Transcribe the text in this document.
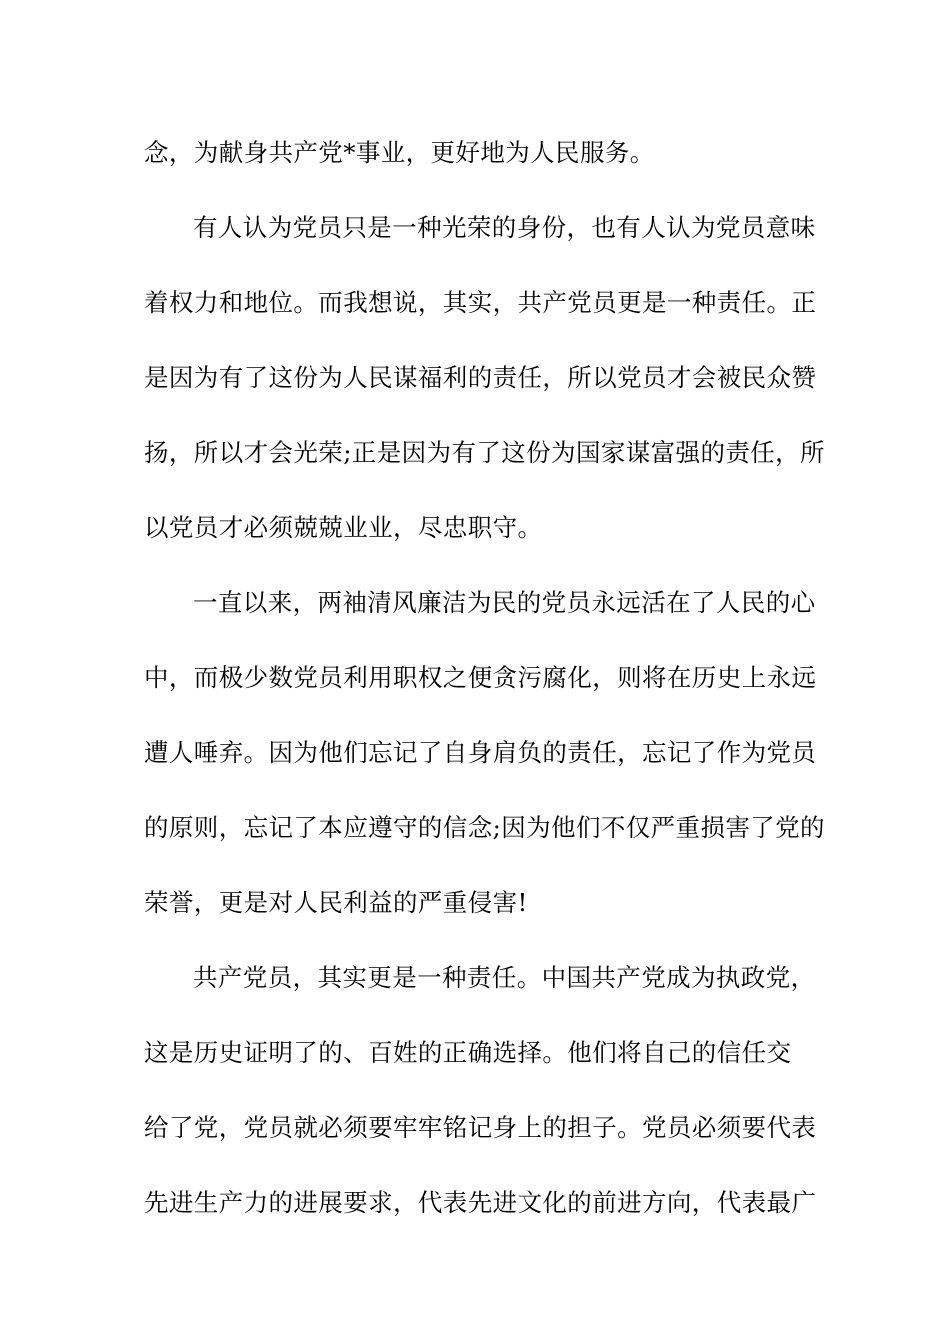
念，为献身共产党*事业，更好地为人民服务。
有人认为党员只是一种光荣的身份，也有人认为党员意味
着权力和地位。而我想说，其实，共产党员更是一种责任。正
是因为有了这份为人民谋福利的责任，所以党员才会被民众赞
扬，所以才会光荣;正是因为有了这份为国家谋富强的责任，所
以党员才必须兢兢业业，尽忠职守。
一直以来，两袖清风廉洁为民的党员永远活在了人民的心
中，而极少数党员利用职权之便贪污腐化，则将在历史上永远
遭人唾弃。因为他们忘记了自身肩负的责任，忘记了作为党员
的原则，忘记了本应遵守的信念;因为他们不仅严重损害了党的
荣誉，更是对人民利益的严重侵害!
共产党员，其实更是一种责任。中国共产党成为执政党，
这是历史证明了的、百姓的正确选择。他们将自己的信任交
给了党，党员就必须要牢牢铭记身上的担子。党员必须要代表
先进生产力的进展要求，代表先进文化的前进方向，代表最广
